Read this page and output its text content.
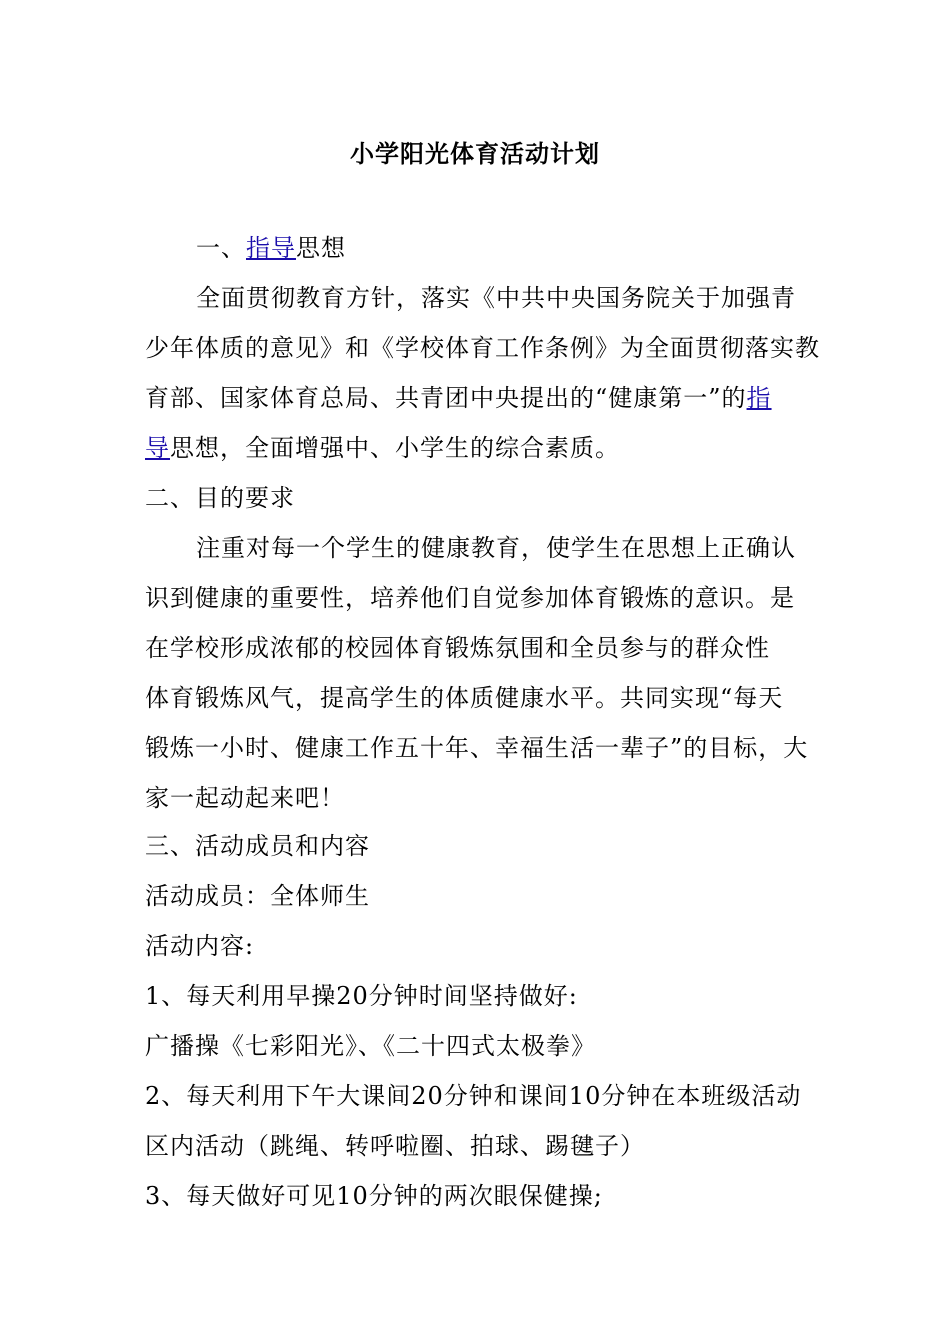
小学阳光体育活动计划
一、指导思想
全面贯彻教育方针，落实《中共中央国务院关于加强青
少年体质的意见》和《学校体育工作条例》为全面贯彻落实教
育部、国家体育总局、共青团中央提出的“健康第一”的指
导思想，全面增强中、小学生的综合素质。
二、目的要求
注重对每一个学生的健康教育，使学生在思想上正确认
识到健康的重要性，培养他们自觉参加体育锻炼的意识。是
在学校形成浓郁的校园体育锻炼氛围和全员参与的群众性
体育锻炼风气，提高学生的体质健康水平。共同实现“每天
锻炼一小时、健康工作五十年、幸福生活一辈子”的目标，大
家一起动起来吧！
三、活动成员和内容
活动成员：全体师生
活动内容:
1、每天利用早操20分钟时间坚持做好:
广播操《七彩阳光》、《二十四式太极拳》
2、每天利用下午大课间20分钟和课间10分钟在本班级活动
区内活动（跳绳、转呼啦圈、拍球、踢毽子）
3、每天做好可见10分钟的两次眼保健操;
